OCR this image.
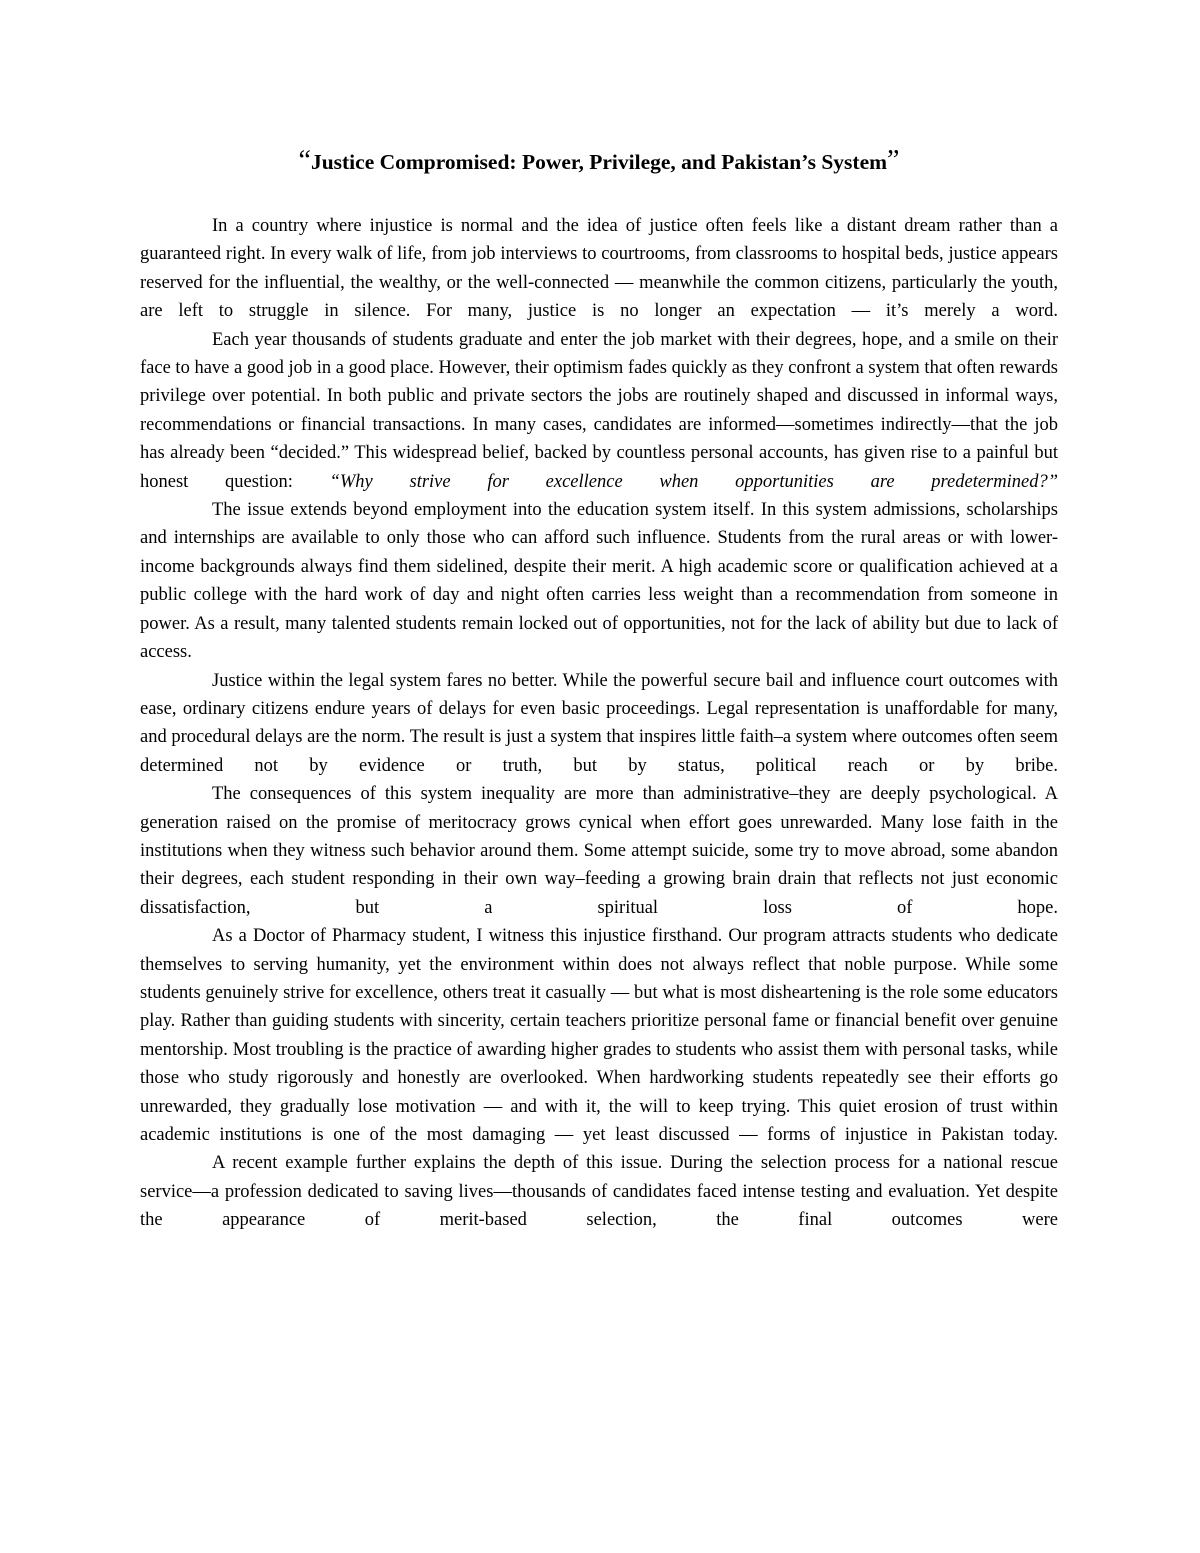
“Justice Compromised: Power, Privilege, and Pakistan’s System”

In a country where injustice is normal and the idea of justice often feels like a distant dream rather than a guaranteed right. In every walk of life, from job interviews to courtrooms, from classrooms to hospital beds, justice appears reserved for the influential, the wealthy, or the well-connected — meanwhile the common citizens, particularly the youth, are left to struggle in silence. For many, justice is no longer an expectation — it’s merely a word.

Each year thousands of students graduate and enter the job market with their degrees, hope, and a smile on their face to have a good job in a good place. However, their optimism fades quickly as they confront a system that often rewards privilege over potential. In both public and private sectors the jobs are routinely shaped and discussed in informal ways, recommendations or financial transactions. In many cases, candidates are informed—sometimes indirectly—that the job has already been “decided.” This widespread belief, backed by countless personal accounts, has given rise to a painful but honest question: “Why strive for excellence when opportunities are predetermined?”

The issue extends beyond employment into the education system itself. In this system admissions, scholarships and internships are available to only those who can afford such influence. Students from the rural areas or with lower-income backgrounds always find them sidelined, despite their merit. A high academic score or qualification achieved at a public college with the hard work of day and night often carries less weight than a recommendation from someone in power. As a result, many talented students remain locked out of opportunities, not for the lack of ability but due to lack of access.

Justice within the legal system fares no better. While the powerful secure bail and influence court outcomes with ease, ordinary citizens endure years of delays for even basic proceedings. Legal representation is unaffordable for many, and procedural delays are the norm. The result is just a system that inspires little faith–a system where outcomes often seem determined not by evidence or truth, but by status, political reach or by bribe.

The consequences of this system inequality are more than administrative–they are deeply psychological. A generation raised on the promise of meritocracy grows cynical when effort goes unrewarded. Many lose faith in the institutions when they witness such behavior around them. Some attempt suicide, some try to move abroad, some abandon their degrees, each student responding in their own way–feeding a growing brain drain that reflects not just economic dissatisfaction, but a spiritual loss of hope.

As a Doctor of Pharmacy student, I witness this injustice firsthand. Our program attracts students who dedicate themselves to serving humanity, yet the environment within does not always reflect that noble purpose. While some students genuinely strive for excellence, others treat it casually — but what is most disheartening is the role some educators play. Rather than guiding students with sincerity, certain teachers prioritize personal fame or financial benefit over genuine mentorship. Most troubling is the practice of awarding higher grades to students who assist them with personal tasks, while those who study rigorously and honestly are overlooked. When hardworking students repeatedly see their efforts go unrewarded, they gradually lose motivation — and with it, the will to keep trying. This quiet erosion of trust within academic institutions is one of the most damaging — yet least discussed — forms of injustice in Pakistan today.

A recent example further explains the depth of this issue. During the selection process for a national rescue service—a profession dedicated to saving lives—thousands of candidates faced intense testing and evaluation. Yet despite the appearance of merit-based selection, the final outcomes were
